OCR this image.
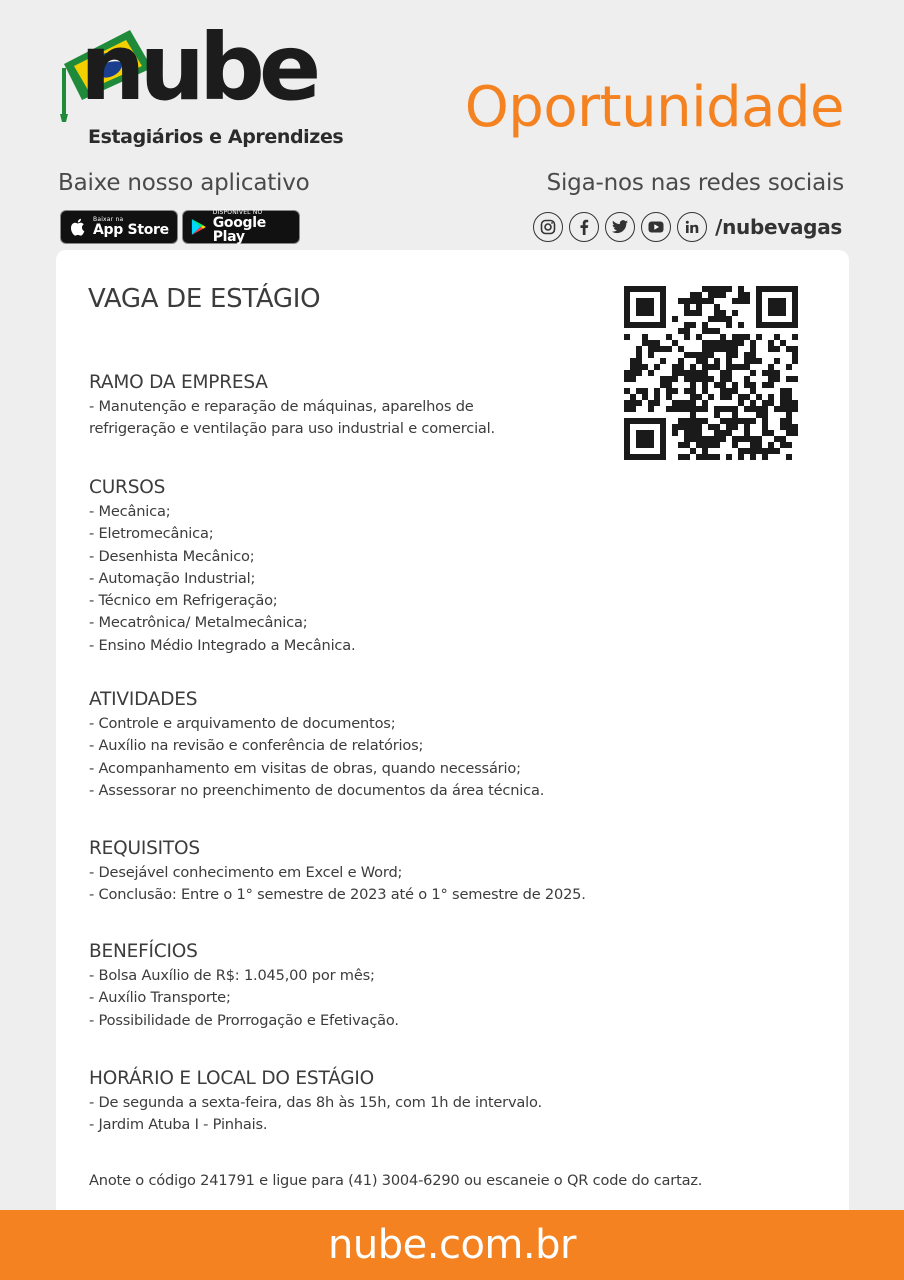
nube
Estagiários e Aprendizes Oportunidade
Baixe nosso aplicativo
Baixar na
App Store
DISPONÍVEL NO
Google Play
Siga-nos nas redes sociais
/nubevagas
VAGA DE ESTÁGIO
RAMO DA EMPRESA

- Manutenção e reparação de máquinas, aparelhos de

refrigeração e ventilação para uso industrial e comercial.

CURSOS

- Mecânica;

- Eletromecânica;

- Desenhista Mecânico;

- Automação Industrial;

- Técnico em Refrigeração;

- Mecatrônica/ Metalmecânica;

- Ensino Médio Integrado a Mecânica.

ATIVIDADES

- Controle e arquivamento de documentos;

- Auxílio na revisão e conferência de relatórios;

- Acompanhamento em visitas de obras, quando necessário;

- Assessorar no preenchimento de documentos da área técnica.

REQUISITOS

- Desejável conhecimento em Excel e Word;

- Conclusão: Entre o 1° semestre de 2023 até o 1° semestre de 2025.

BENEFÍCIOS

- Bolsa Auxílio de R$: 1.045,00 por mês;

- Auxílio Transporte;

- Possibilidade de Prorrogação e Efetivação.

HORÁRIO E LOCAL DO ESTÁGIO

- De segunda a sexta-feira, das 8h às 15h, com 1h de intervalo.

- Jardim Atuba I - Pinhais.

Anote o código 241791 e ligue para (41) 3004-6290 ou escaneie o QR code do cartaz.
nube.com.br
